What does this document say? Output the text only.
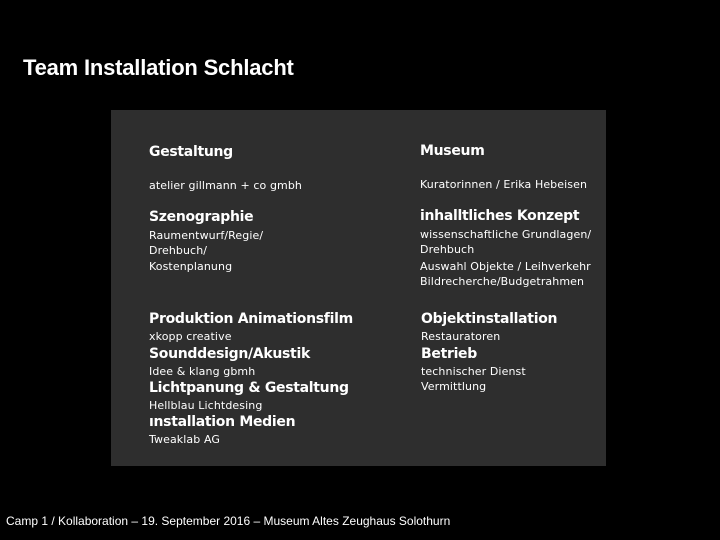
Team Installation Schlacht
Gestaltung
atelier gillmann + co gmbh
Szenographie
Raumentwurf/Regie/
Drehbuch/
Kostenplanung
Produktion Animationsfilm
xkopp creative
Sounddesign/Akustik
Idee & klang gbmh
Lichtpanung & Gestaltung
Hellblau Lichtdesing
ınstallation Medien
Tweaklab AG
Museum
Kuratorinnen / Erika Hebeisen
inhalltliches Konzept
wissenschaftliche Grundlagen/
Drehbuch
Auswahl Objekte / Leihverkehr
Bildrecherche/Budgetrahmen
Objektinstallation
Restauratoren
Betrieb
technischer Dienst
Vermittlung
Camp 1 / Kollaboration – 19. September 2016 – Museum Altes Zeughaus Solothurn
